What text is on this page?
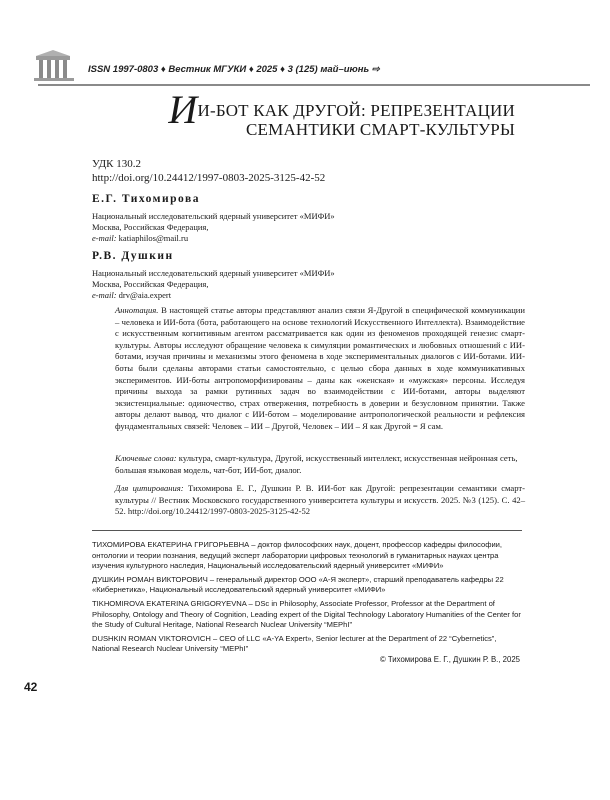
ISSN 1997-0803 ♦ Вестник МГУКИ ♦ 2025 ♦ 3 (125) май–июнь ⇨
ИИ-БОТ КАК ДРУГОЙ: РЕПРЕЗЕНТАЦИИ
СЕМАНТИКИ СМАРТ-КУЛЬТУРЫ
УДК 130.2
http://doi.org/10.24412/1997-0803-2025-3125-42-52
Е.Г. Тихомирова
Национальный исследовательский ядерный университет «МИФИ»
Москва, Российская Федерация,
e-mail: katiaphilos@mail.ru
Р.В. Душкин
Национальный исследовательский ядерный университет «МИФИ»
Москва, Российская Федерация,
e-mail: drv@aia.expert
Аннотация. В настоящей статье авторы представляют анализ связи Я-Другой в специфической коммуникации – человека и ИИ-бота (бота, работающего на основе технологий Искусственного Интеллекта). Взаимодействие с искусственным когнитивным агентом рассматривается как один из феноменов проходящей генезис смарт-культуры. Авторы исследуют обращение человека к симуляции романтических и любовных отношений с ИИ-ботами, изучая причины и механизмы этого феномена в ходе экспериментальных диалогов с ИИ-ботами. ИИ-боты были сделаны авторами статьи самостоятельно, с целью сбора данных в ходе коммуникативных экспериментов. ИИ-боты антропоморфизированы – даны как «женская» и «мужская» персоны. Исследуя причины выхода за рамки рутинных задач во взаимодействии с ИИ-ботами, авторы выделяют экзистенциальные: одиночество, страх отвержения, потребность в доверии и безусловном принятии. Также авторы делают вывод, что диалог с ИИ-ботом – моделирование антропологической реальности и рефлексия фундаментальных связей: Человек – ИИ – Другой, Человек – ИИ – Я как Другой = Я сам.
Ключевые слова: культура, смарт-культура, Другой, искусственный интеллект, искусственная нейронная сеть, большая языковая модель, чат-бот, ИИ-бот, диалог.
Для цитирования: Тихомирова Е. Г., Душкин Р. В. ИИ-бот как Другой: репрезентации семантики смарт-культуры // Вестник Московского государственного университета культуры и искусств. 2025. №3 (125). С. 42–52. http://doi.org/10.24412/1997-0803-2025-3125-42-52

ТИХОМИРОВА ЕКАТЕРИНА ГРИГОРЬЕВНА – доктор философских наук, доцент, профессор кафедры философии, онтологии и теории познания, ведущий эксперт лаборатории цифровых технологий в гуманитарных науках центра изучения культурного наследия, Национальный исследовательский ядерный университет «МИФИ»

ДУШКИН РОМАН ВИКТОРОВИЧ – генеральный директор ООО «А-Я эксперт», старший преподаватель кафедры 22 «Кибернетика», Национальный исследовательский ядерный университет «МИФИ»

TIKHOMIROVA EKATERINA GRIGORYEVNA – DSc in Philosophy, Associate Professor, Professor at the Department of Philosophy, Ontology and Theory of Cognition, Leading expert of the Digital Technology Laboratory Humanities of the Center for the Study of Cultural Heritage, National Research Nuclear University “MEPhI”

DUSHKIN ROMAN VIKTOROVICH – CEO of LLC «A-YA Expert», Senior lecturer at the Department of 22 “Cybernetics”, National Research Nuclear University “MEPhI”

© Тихомирова Е. Г., Душкин Р. В., 2025
42
